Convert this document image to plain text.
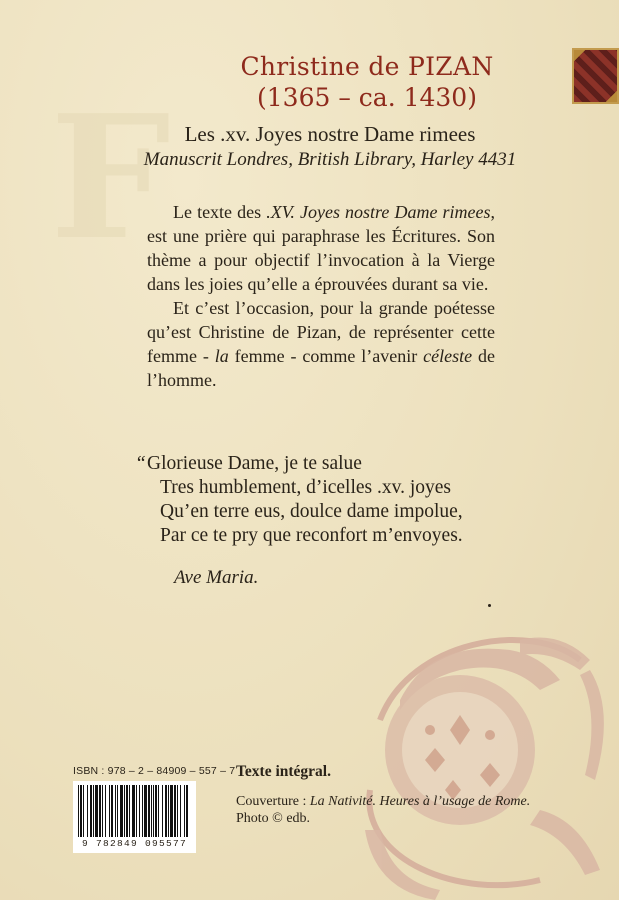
F
Christine de PIZAN
(1365 – ca. 1430)
Les .xv. Joyes nostre Dame rimees
Manuscrit Londres, British Library, Harley 4431

Le texte des .XV. Joyes nostre Dame rimees, est une prière qui paraphrase les Écritures. Son thème a pour objectif l’invocation à la Vierge dans les joies qu’elle a éprouvées durant sa vie.

Et c’est l’occasion, pour la grande poétesse qu’est Christine de Pizan, de représenter cette femme - la femme - comme l’avenir céleste de l’homme.

“ Glorieuse Dame, je te salue
Tres humblement, d’icelles .xv. joyes
Qu’en terre eus, doulce dame impolue,
Par ce te pry que reconfort m’envoyes.
Ave Maria.
ISBN : 978 – 2 – 84909 – 557 – 7
9 782849 095577
Texte intégral.
Couverture : La Nativité. Heures à l’usage de Rome.
Photo © edb.
